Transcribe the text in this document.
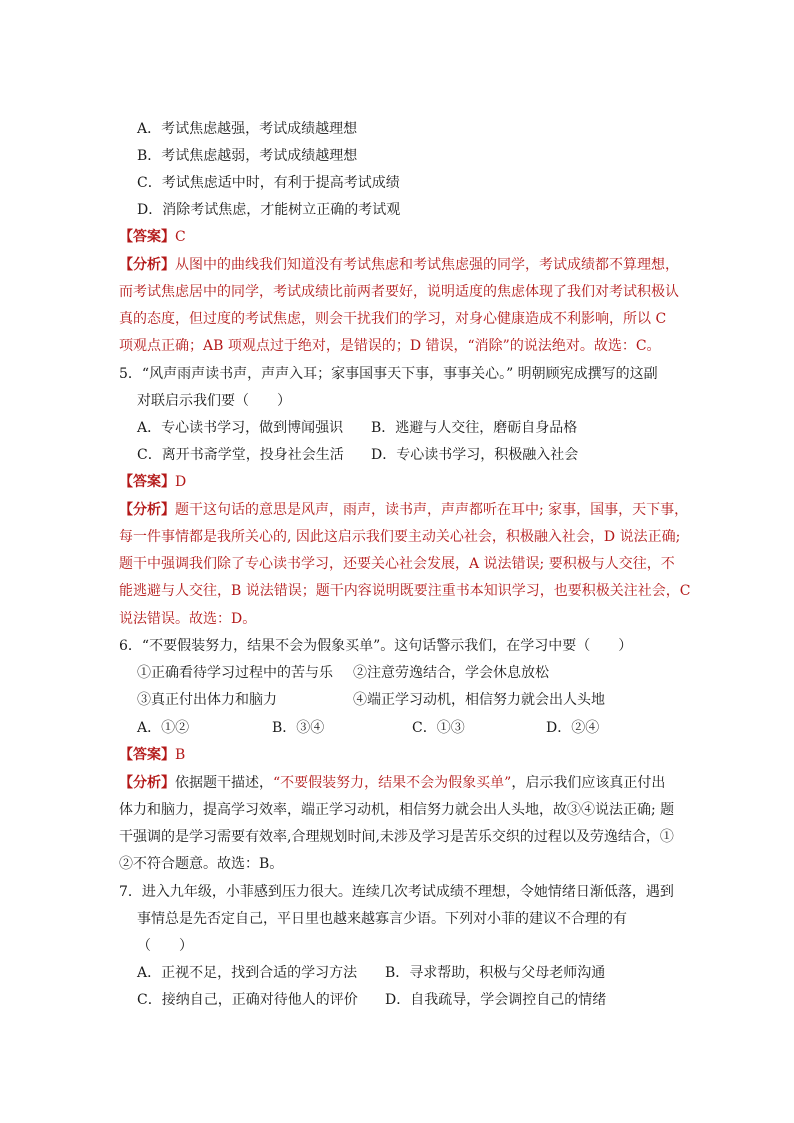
A．考试焦虑越强，考试成绩越理想
B．考试焦虑越弱，考试成绩越理想
C．考试焦虑适中时，有利于提高考试成绩
D．消除考试焦虑，才能树立正确的考试观
【答案】C
【分析】从图中的曲线我们知道没有考试焦虑和考试焦虑强的同学，考试成绩都不算理想，
而考试焦虑居中的同学，考试成绩比前两者要好，说明适度的焦虑体现了我们对考试积极认
真的态度，但过度的考试焦虑，则会干扰我们的学习，对身心健康造成不利影响，所以 C
项观点正确；AB 项观点过于绝对，是错误的；D 错误，“消除”的说法绝对。故选：C。
5．“风声雨声读书声，声声入耳；家事国事天下事，事事关心。” 明朝顾宪成撰写的这副
对联启示我们要（　　）
A．专心读书学习，做到博闻强识 B．逃避与人交往，磨砺自身品格
C．离开书斋学堂，投身社会生活 D．专心读书学习，积极融入社会
【答案】D
【分析】题干这句话的意思是风声，雨声，读书声，声声都听在耳中; 家事，国事，天下事，
每一件事情都是我所关心的, 因此这启示我们要主动关心社会，积极融入社会，D 说法正确;
题干中强调我们除了专心读书学习，还要关心社会发展，A 说法错误; 要积极与人交往，不
能逃避与人交往，B 说法错误；题干内容说明既要注重书本知识学习，也要积极关注社会，C
说法错误。故选：D。
6．“不要假装努力，结果不会为假象买单”。这句话警示我们，在学习中要（　　）
①正确看待学习过程中的苦与乐 ②注意劳逸结合，学会休息放松
③真正付出体力和脑力	④端正学习动机，相信努力就会出人头地
A．①②	B．③④	C．①③	D．②④
【答案】B
【分析】依据题干描述，“不要假装努力，结果不会为假象买单”，启示我们应该真正付出
体力和脑力，提高学习效率，端正学习动机，相信努力就会出人头地，故③④说法正确; 题
干强调的是学习需要有效率,合理规划时间,未涉及学习是苦乐交织的过程以及劳逸结合，①
②不符合题意。故选：B。
7．进入九年级，小菲感到压力很大。连续几次考试成绩不理想，令她情绪日渐低落，遇到
事情总是先否定自己，平日里也越来越寡言少语。下列对小菲的建议不合理的有
（　　）
A．正视不足，找到合适的学习方法 B．寻求帮助，积极与父母老师沟通
C．接纳自己，正确对待他人的评价 D．自我疏导，学会调控自己的情绪
